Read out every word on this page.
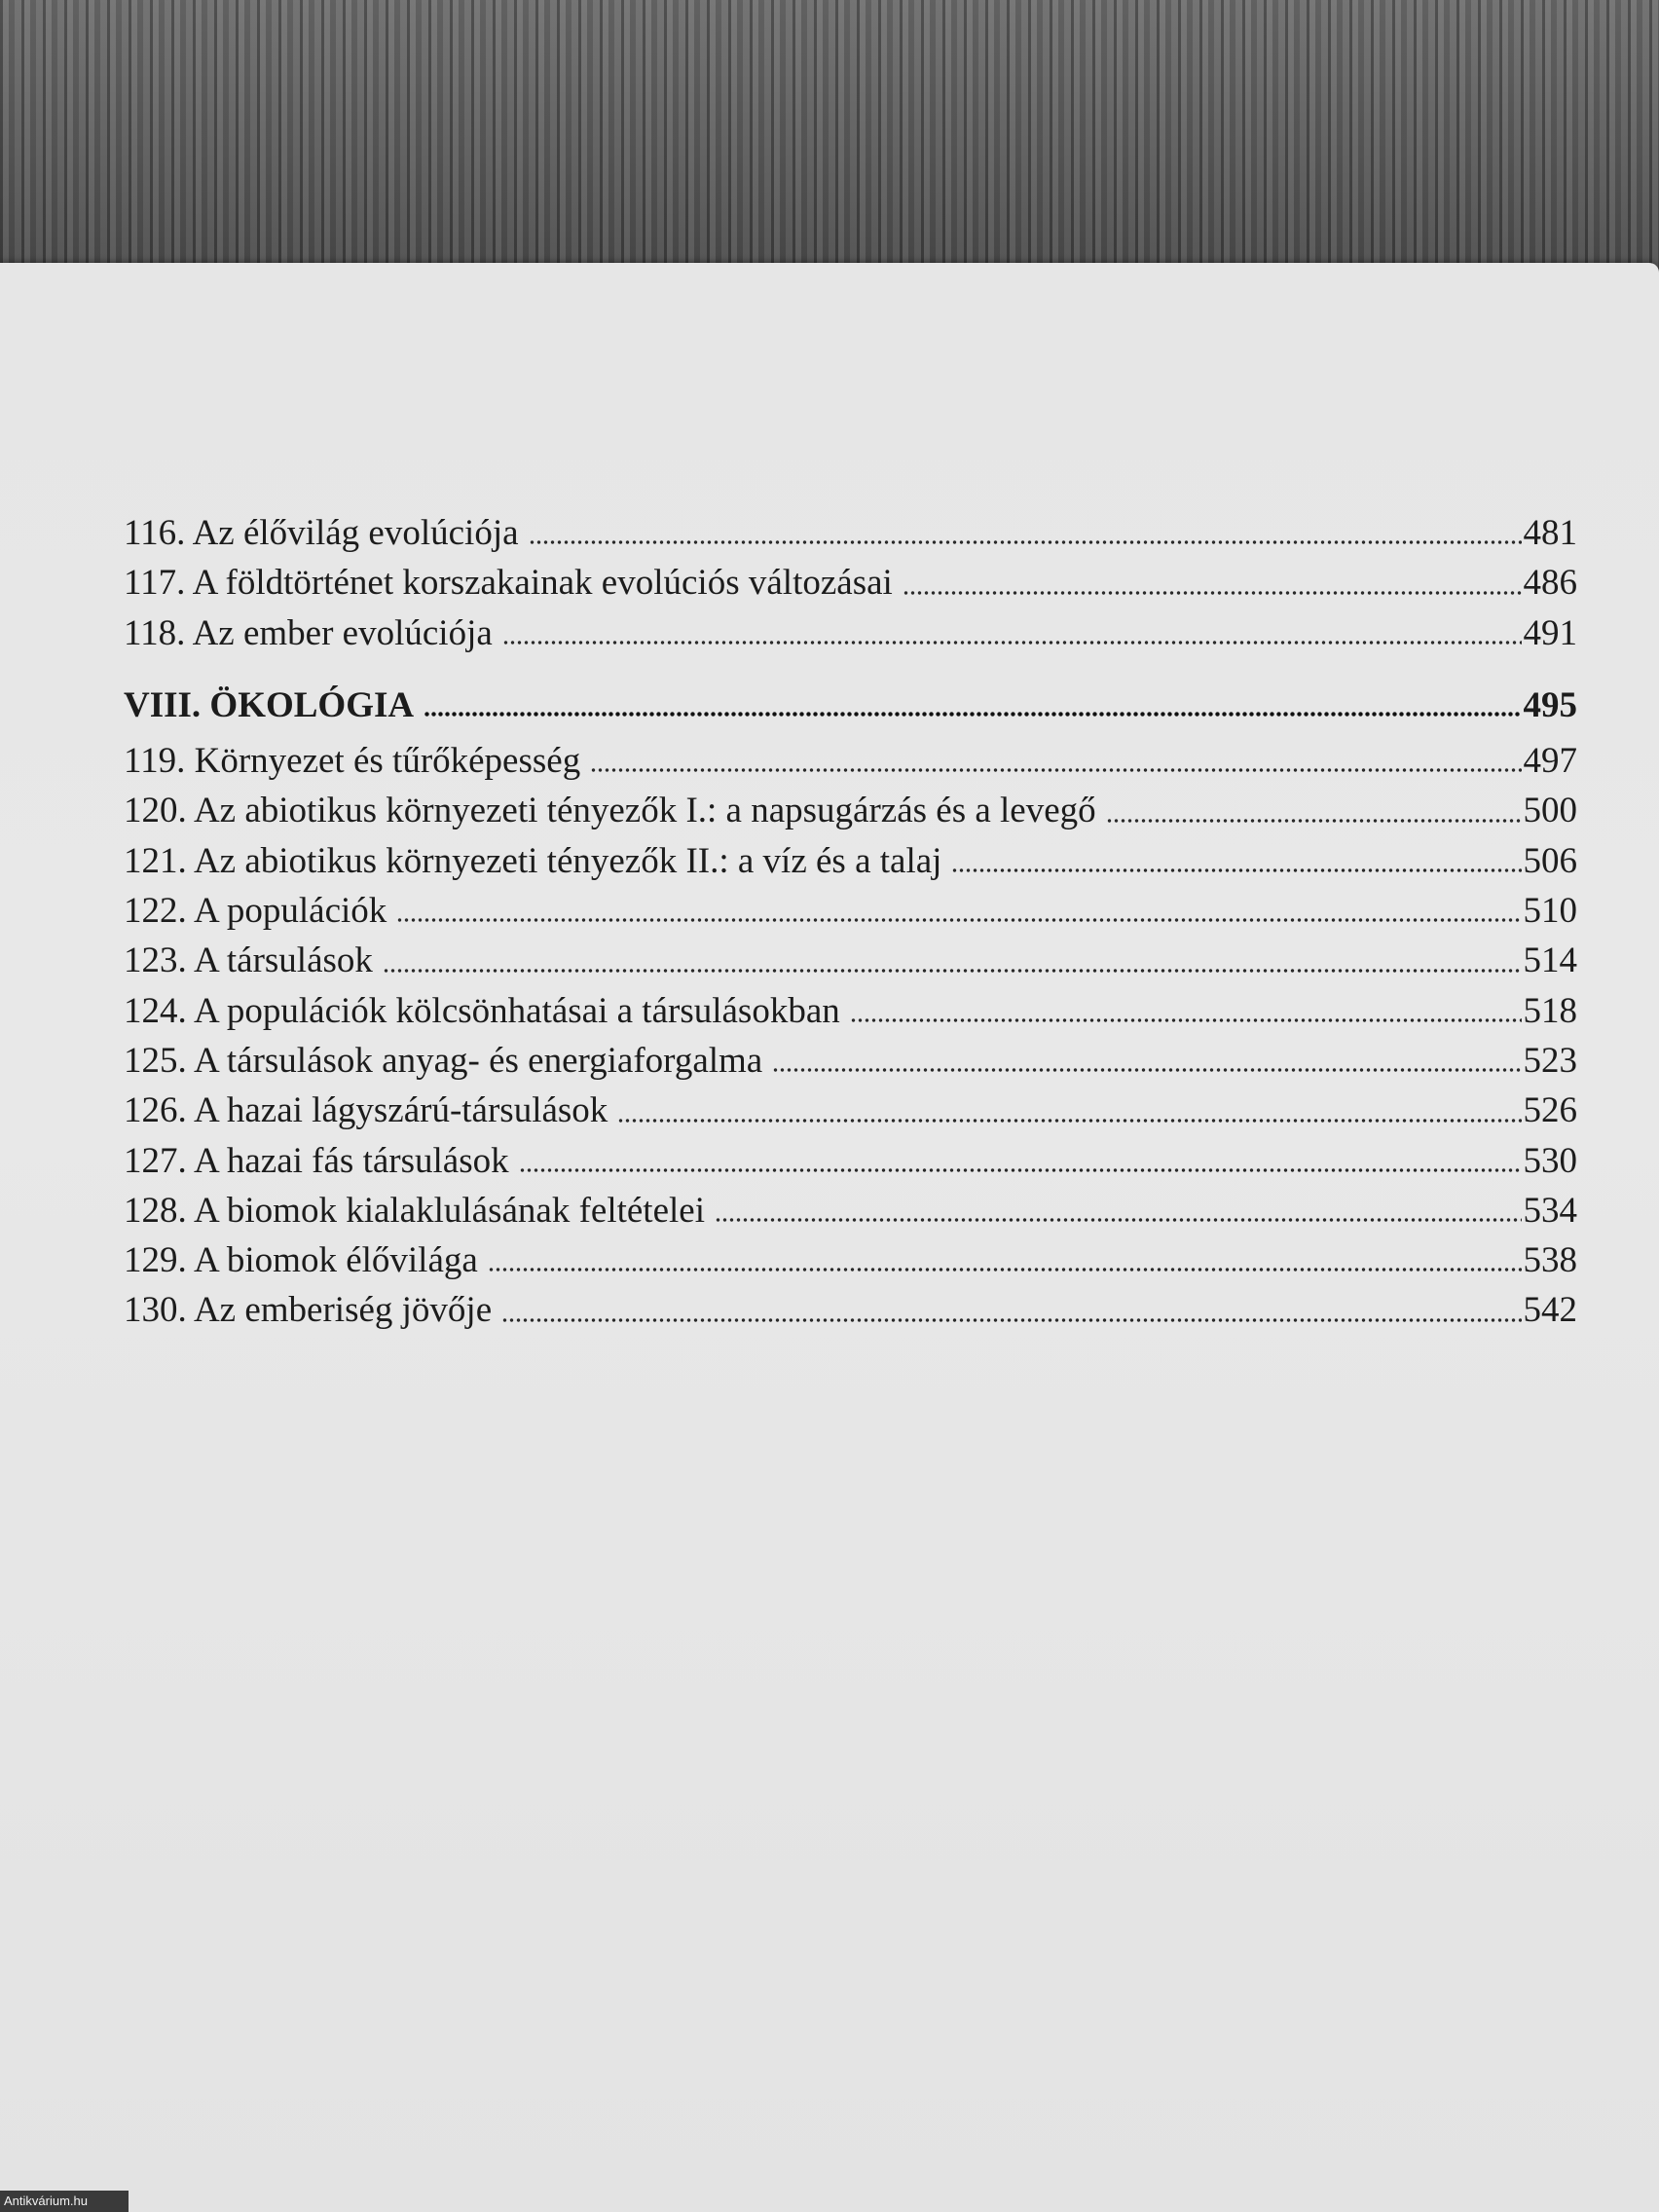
116. Az élővilág evolúciója	481
117. A földtörténet korszakainak evolúciós változásai	486
118. Az ember evolúciója	491
VIII. ÖKOLÓGIA	495
119. Környezet és tűrőképesség	497
120. Az abiotikus környezeti tényezők I.: a napsugárzás és a levegő	500
121. Az abiotikus környezeti tényezők II.: a víz és a talaj	506
122. A populációk	510
123. A társulások	514
124. A populációk kölcsönhatásai a társulásokban	518
125. A társulások anyag- és energiaforgalma	523
126. A hazai lágyszárú-társulások	526
127. A hazai fás társulások	530
128. A biomok kialaklulásának feltételei	534
129. A biomok élővilága	538
130. Az emberiség jövője	542
Antikvárium.hu
